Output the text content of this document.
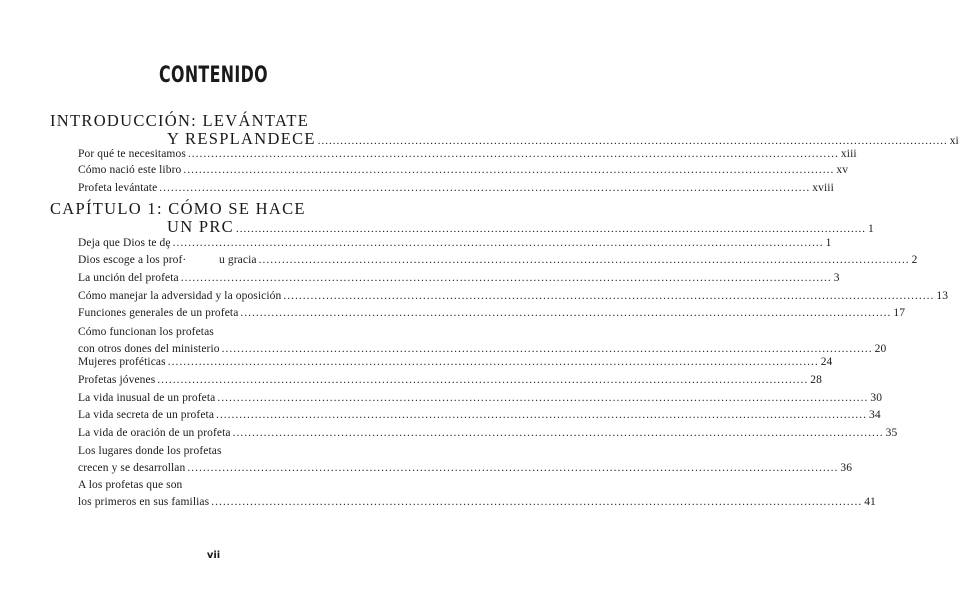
CONTENIDO
INTRODUCCIÓN: LEVÁNTATE
Y RESPLANDECE ........................................................................................................................................................................ xi
Por qué te necesitamos ........................................................................................................................................................................ xiii
Cómo nació este libro ........................................................................................................................................................................ xv
Profeta levántate ........................................................................................................................................................................ xviii
CAPÍTULO 1: CÓMO SE HACE
UN PRC ........................................................................................................................................................................ 1
Deja que Dios te dȩ ........................................................................................................................................................................ 1
Dios escoge a los prof·           u gracia ........................................................................................................................................................................ 2
La unción del profeta ........................................................................................................................................................................ 3
Cómo manejar la adversidad y la oposición ........................................................................................................................................................................ 13
Funciones generales de un profeta ........................................................................................................................................................................ 17
Cómo funcionan los profetas
con otros dones del ministerio ........................................................................................................................................................................ 20
Mujeres proféticas ........................................................................................................................................................................ 24
Profetas jóvenes ........................................................................................................................................................................ 28
La vida inusual de un profeta ........................................................................................................................................................................ 30
La vida secreta de un profeta ........................................................................................................................................................................ 34
La vida de oración de un profeta ........................................................................................................................................................................ 35
Los lugares donde los profetas
crecen y se desarrollan ........................................................................................................................................................................ 36
A los profetas que son
los primeros en sus familias ........................................................................................................................................................................ 41
vii
